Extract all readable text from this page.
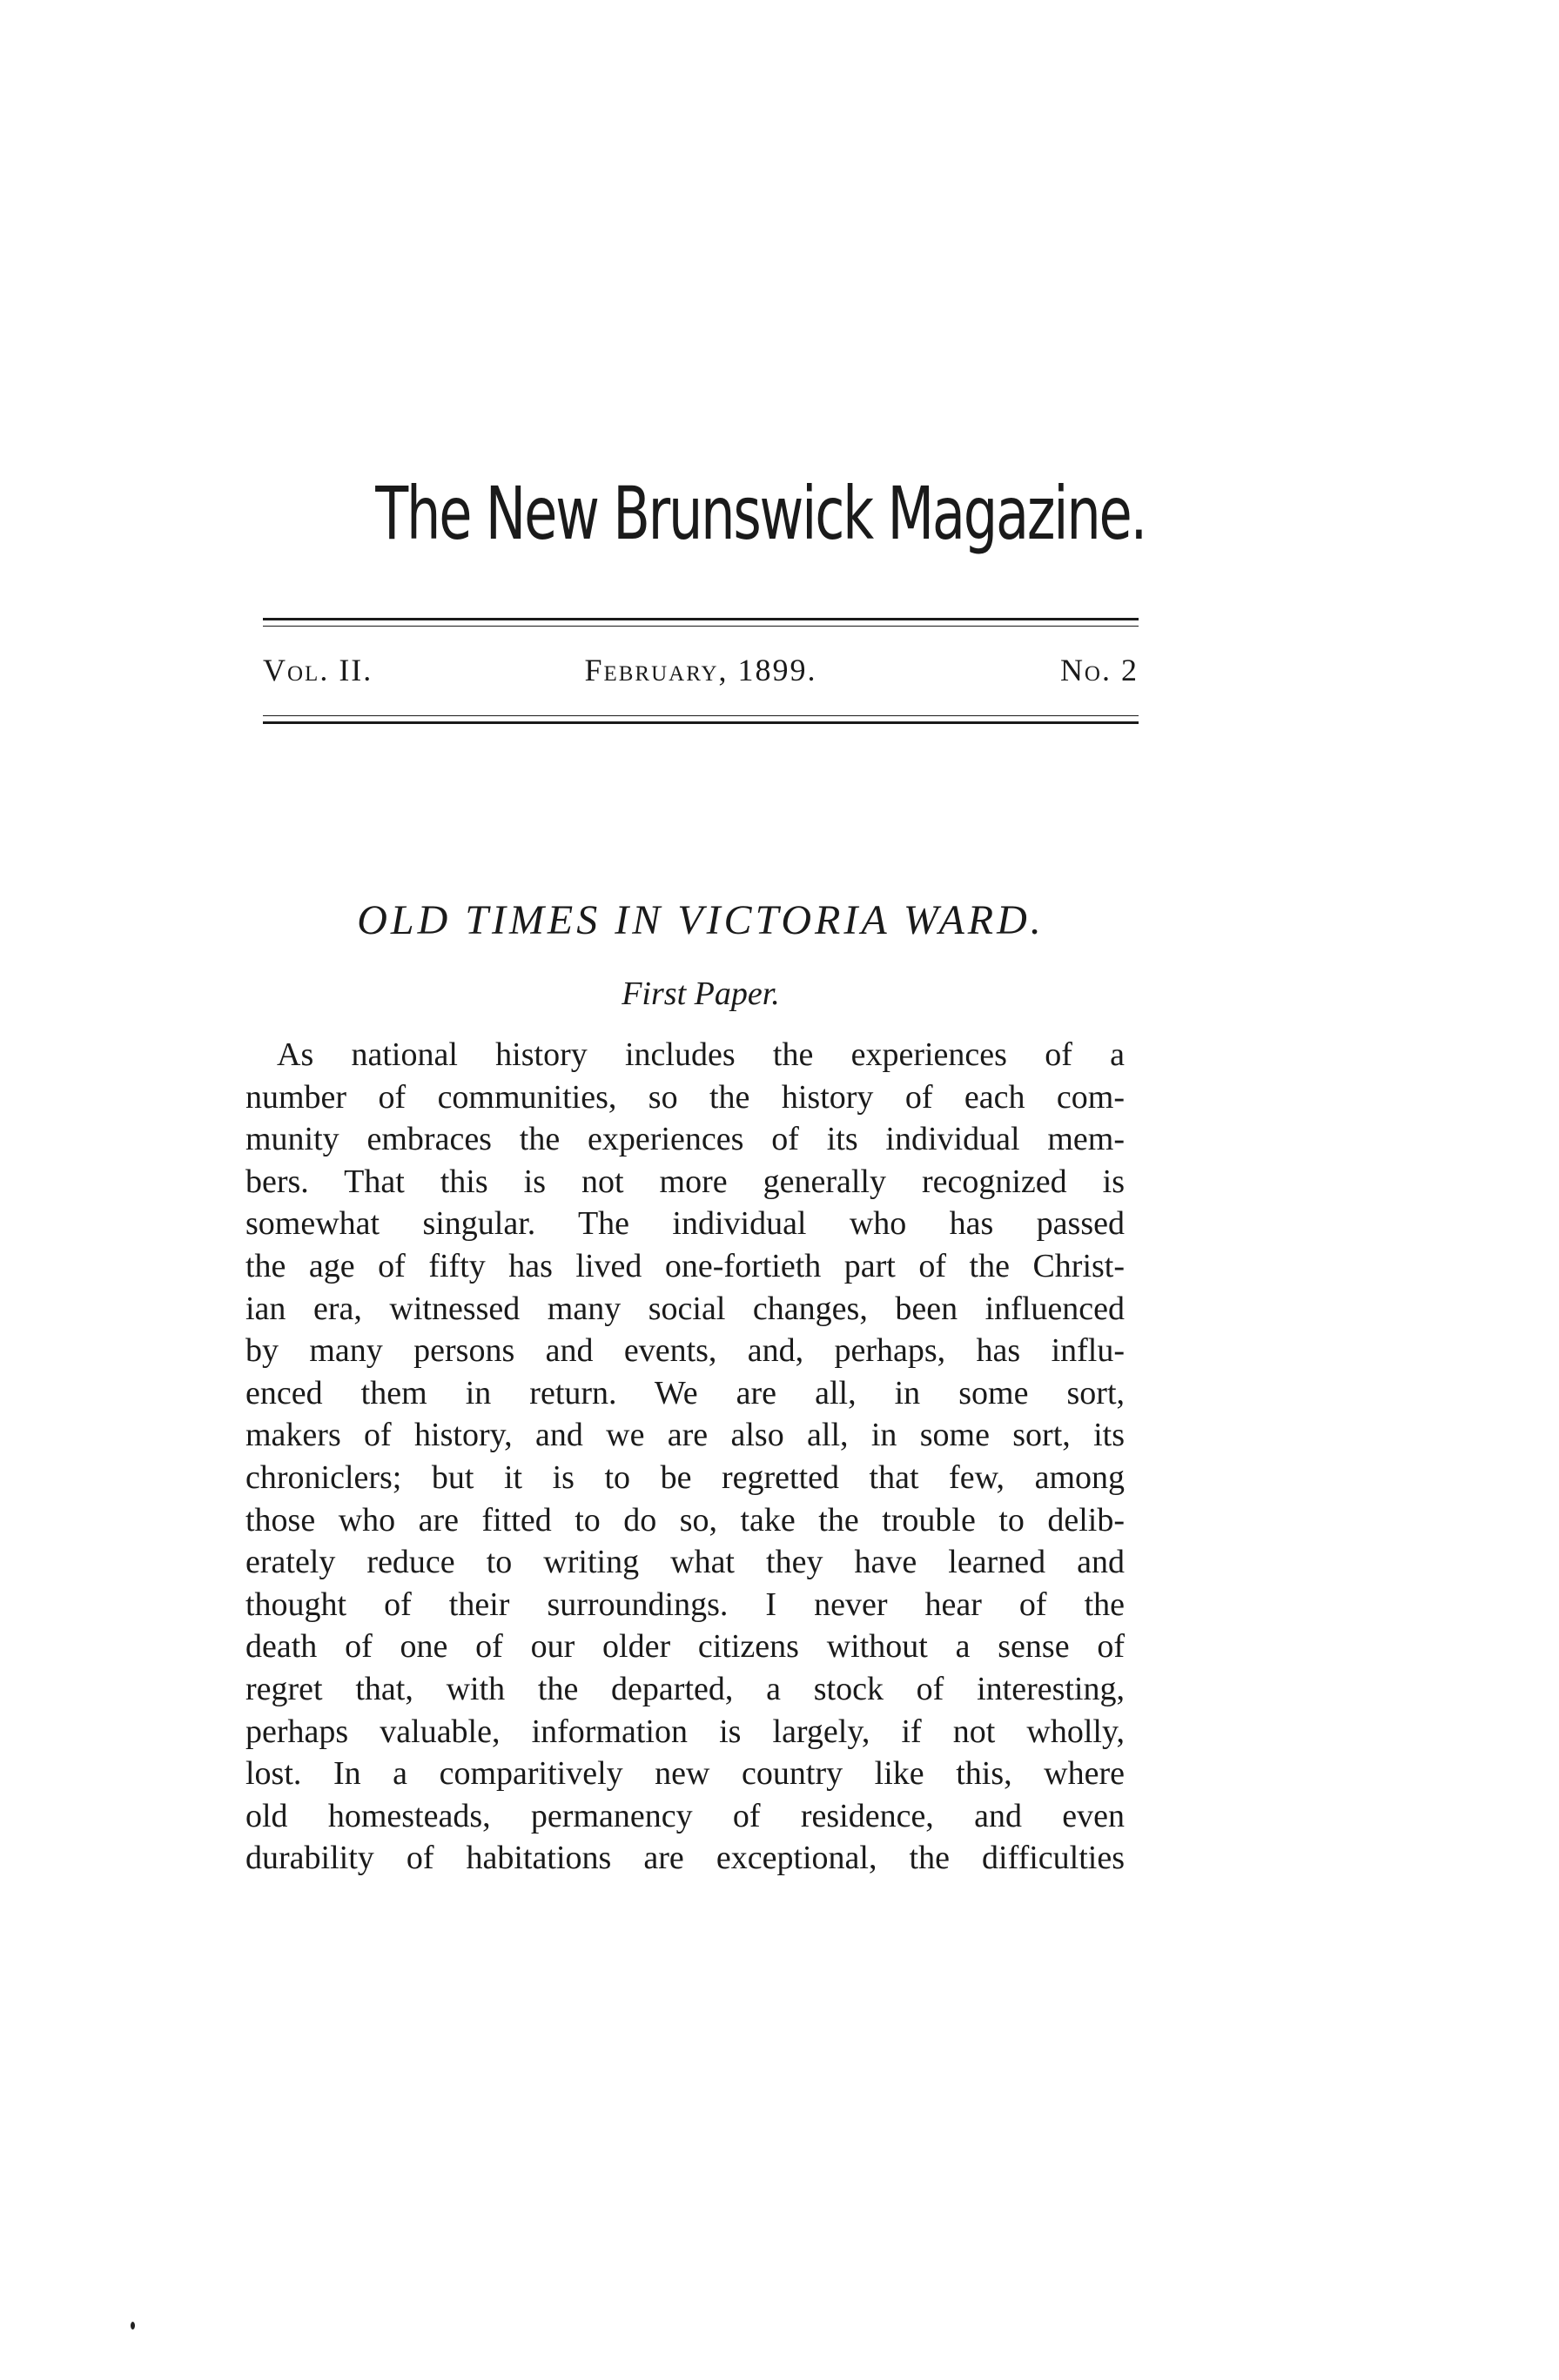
The New Brunswick Magazine.
Vol. II.	February, 1899.	No. 2
OLD TIMES IN VICTORIA WARD.
First Paper.
As national history includes the experiences of a
number of communities, so the history of each com-
munity embraces the experiences of its individual mem-
bers. That this is not more generally recognized is
somewhat singular. The individual who has passed
the age of fifty has lived one-fortieth part of the Christ-
ian era, witnessed many social changes, been influenced
by many persons and events, and, perhaps, has influ-
enced them in return. We are all, in some sort,
makers of history, and we are also all, in some sort, its
chroniclers; but it is to be regretted that few, among
those who are fitted to do so, take the trouble to delib-
erately reduce to writing what they have learned and
thought of their surroundings. I never hear of the
death of one of our older citizens without a sense of
regret that, with the departed, a stock of interesting,
perhaps valuable, information is largely, if not wholly,
lost. In a comparitively new country like this, where
old homesteads, permanency of residence, and even
durability of habitations are exceptional, the difficulties
